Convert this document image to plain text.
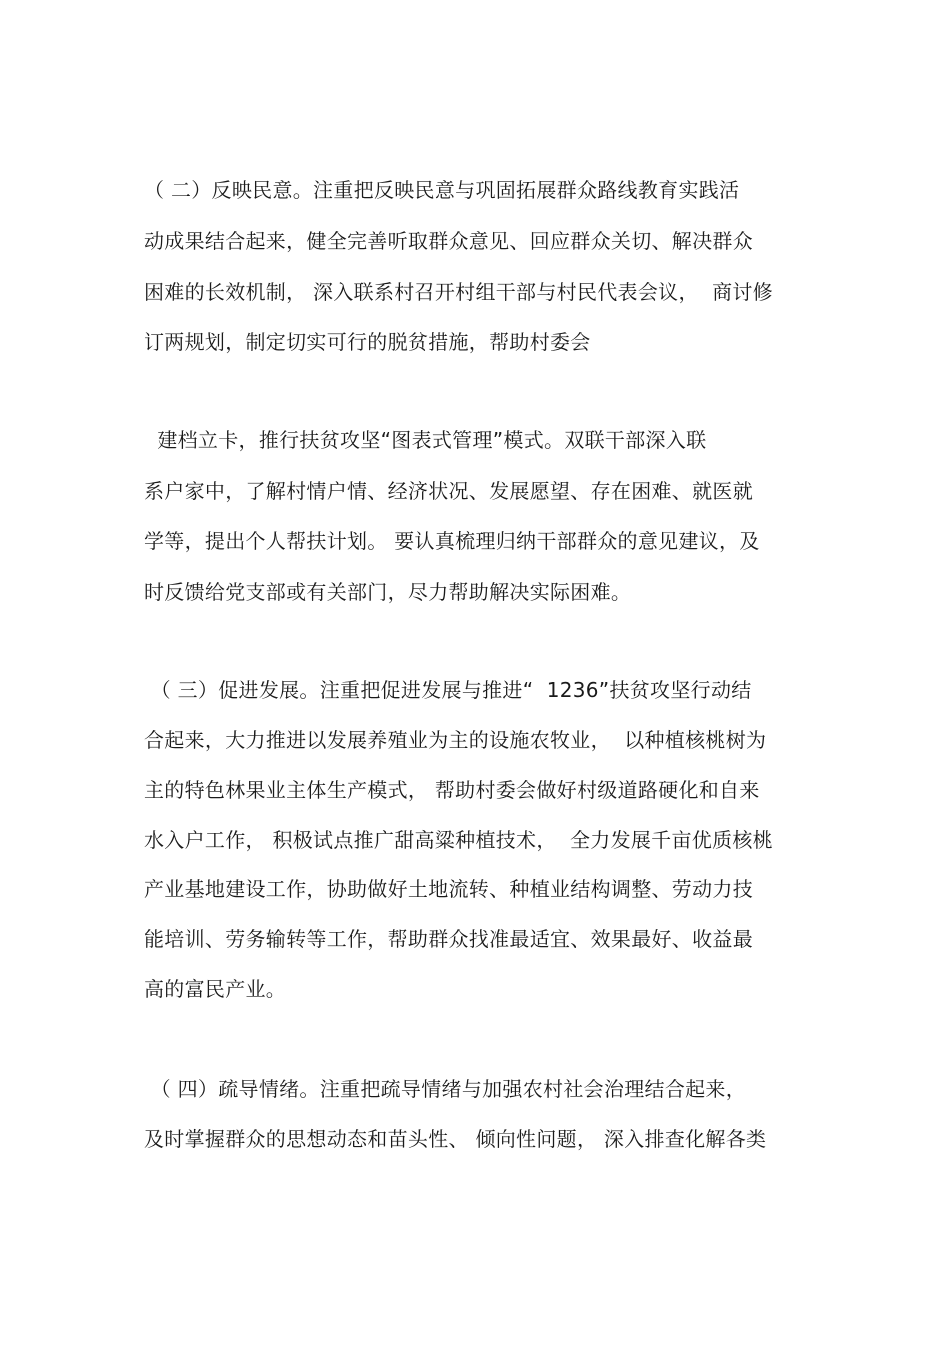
（ 二）反映民意。注重把反映民意与巩固拓展群众路线教育实践活
动成果结合起来，健全完善听取群众意见、回应群众关切、解决群众
困难的长效机制， 深入联系村召开村组干部与村民代表会议，  商讨修
订两规划，制定切实可行的脱贫措施，帮助村委会
建档立卡，推行扶贫攻坚“图表式管理”模式。双联干部深入联
系户家中，了解村情户情、经济状况、发展愿望、存在困难、就医就
学等，提出个人帮扶计划。 要认真梳理归纳干部群众的意见建议，及
时反馈给党支部或有关部门，尽力帮助解决实际困难。
（ 三）促进发展。注重把促进发展与推进“  1236”扶贫攻坚行动结
合起来，大力推进以发展养殖业为主的设施农牧业，  以种植核桃树为
主的特色林果业主体生产模式， 帮助村委会做好村级道路硬化和自来
水入户工作， 积极试点推广甜高粱种植技术，  全力发展千亩优质核桃
产业基地建设工作，协助做好土地流转、种植业结构调整、劳动力技
能培训、劳务输转等工作，帮助群众找准最适宜、效果最好、收益最
高的富民产业。
（ 四）疏导情绪。注重把疏导情绪与加强农村社会治理结合起来，
及时掌握群众的思想动态和苗头性、 倾向性问题， 深入排查化解各类
